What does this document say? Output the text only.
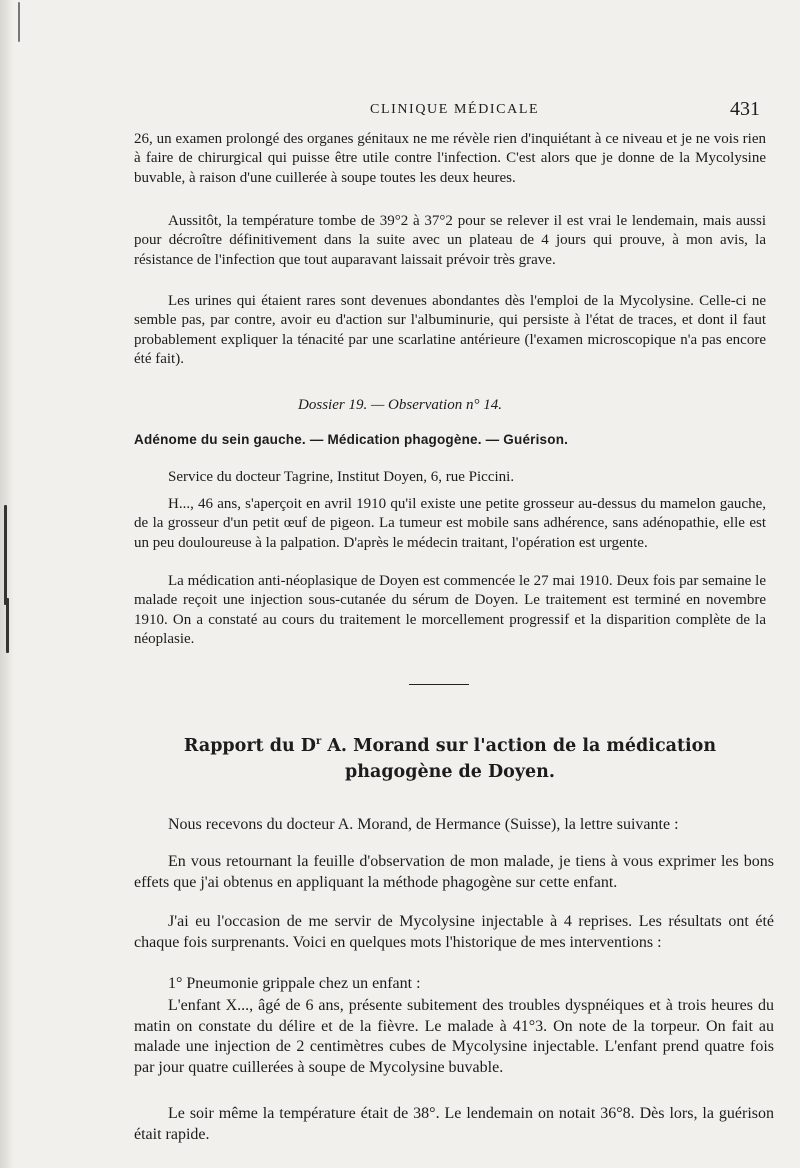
CLINIQUE MÉDICALE	431

26, un examen prolongé des organes génitaux ne me révèle rien d'inquiétant à ce niveau et je ne vois rien à faire de chirurgical qui puisse être utile contre l'infection. C'est alors que je donne de la Mycolysine buvable, à raison d'une cuillerée à soupe toutes les deux heures.

Aussitôt, la température tombe de 39°2 à 37°2 pour se relever il est vrai le lendemain, mais aussi pour décroître définitivement dans la suite avec un plateau de 4 jours qui prouve, à mon avis, la résistance de l'infection que tout auparavant laissait prévoir très grave.

Les urines qui étaient rares sont devenues abondantes dès l'emploi de la Mycolysine. Celle-ci ne semble pas, par contre, avoir eu d'action sur l'albuminurie, qui persiste à l'état de traces, et dont il faut probablement expliquer la ténacité par une scarlatine antérieure (l'examen microscopique n'a pas encore été fait).

Dossier 19. — Observation n° 14.
Adénome du sein gauche. — Médication phagogène. — Guérison.

Service du docteur Tagrine, Institut Doyen, 6, rue Piccini.

H..., 46 ans, s'aperçoit en avril 1910 qu'il existe une petite grosseur au-dessus du mamelon gauche, de la grosseur d'un petit œuf de pigeon. La tumeur est mobile sans adhérence, sans adénopathie, elle est un peu douloureuse à la palpation. D'après le médecin traitant, l'opération est urgente.

La médication anti-néoplasique de Doyen est commencée le 27 mai 1910. Deux fois par semaine le malade reçoit une injection sous-cutanée du sérum de Doyen. Le traitement est terminé en novembre 1910. On a constaté au cours du traitement le morcellement progressif et la disparition complète de la néoplasie.

Rapport du $D^r$ A. Morand sur l'action de la médication
phagogène de Doyen.

Nous recevons du docteur A. Morand, de Hermance (Suisse), la lettre suivante :

En vous retournant la feuille d'observation de mon malade, je tiens à vous exprimer les bons effets que j'ai obtenus en appliquant la méthode phagogène sur cette enfant.

J'ai eu l'occasion de me servir de Mycolysine injectable à 4 reprises. Les résultats ont été chaque fois surprenants. Voici en quelques mots l'historique de mes interventions :

1° Pneumonie grippale chez un enfant :

L'enfant X..., âgé de 6 ans, présente subitement des troubles dyspnéiques et à trois heures du matin on constate du délire et de la fièvre. Le malade à 41°3. On note de la torpeur. On fait au malade une injection de 2 centimètres cubes de Mycolysine injectable. L'enfant prend quatre fois par jour quatre cuillerées à soupe de Mycolysine buvable.

Le soir même la température était de 38°. Le lendemain on notait 36°8. Dès lors, la guérison était rapide.
